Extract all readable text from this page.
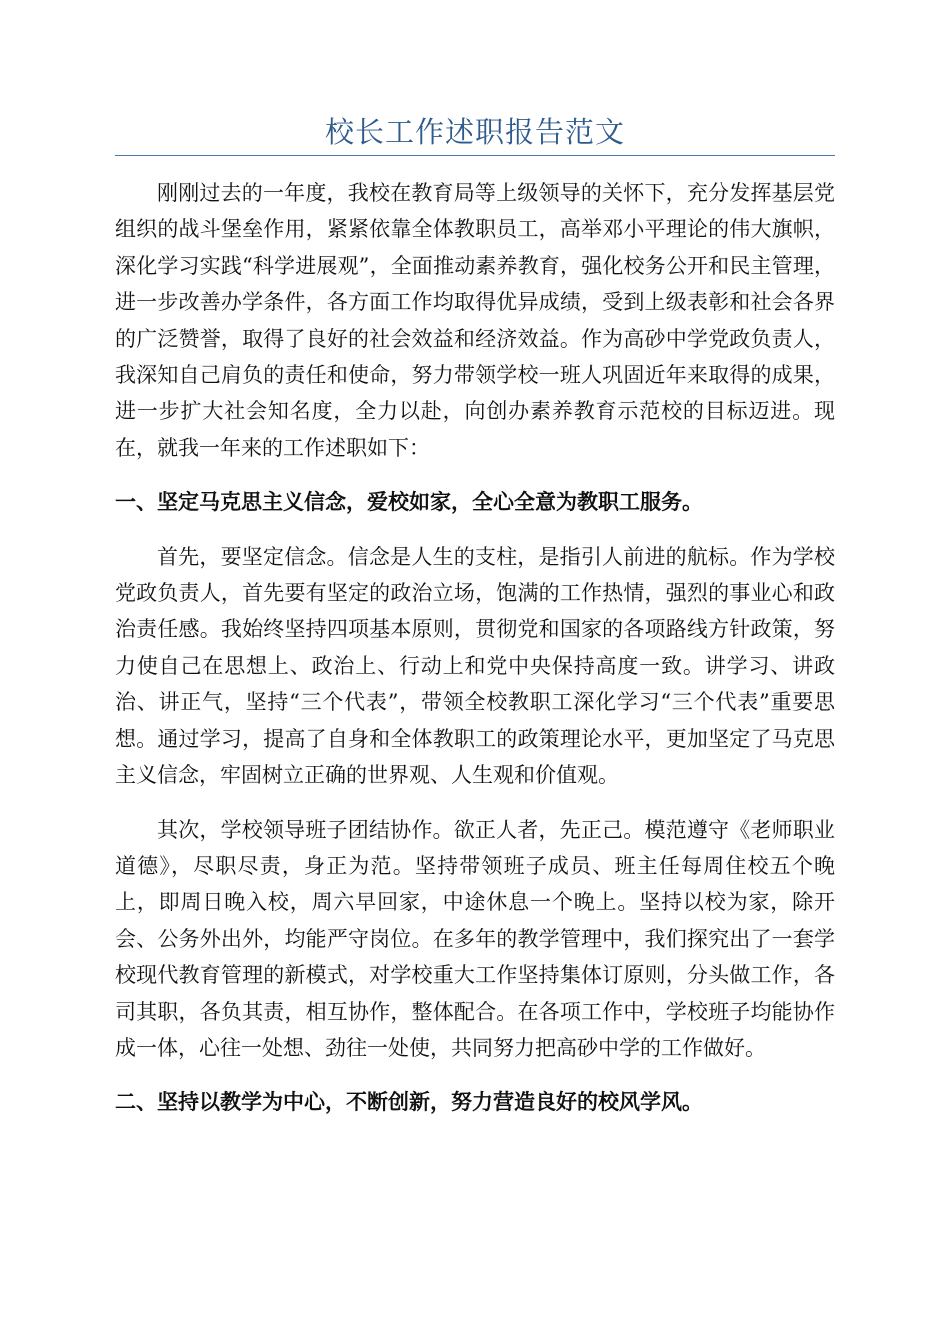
校长工作述职报告范文

刚刚过去的一年度，我校在教育局等上级领导的关怀下，充分发挥基层党组织的战斗堡垒作用，紧紧依靠全体教职员工，高举邓小平理论的伟大旗帜，深化学习实践“科学进展观”，全面推动素养教育，强化校务公开和民主管理，进一步改善办学条件，各方面工作均取得优异成绩，受到上级表彰和社会各界的广泛赞誉，取得了良好的社会效益和经济效益。作为高砂中学党政负责人，我深知自己肩负的责任和使命，努力带领学校一班人巩固近年来取得的成果，进一步扩大社会知名度，全力以赴，向创办素养教育示范校的目标迈进。现在，就我一年来的工作述职如下：

一、坚定马克思主义信念，爱校如家，全心全意为教职工服务。

首先，要坚定信念。信念是人生的支柱，是指引人前进的航标。作为学校党政负责人，首先要有坚定的政治立场，饱满的工作热情，强烈的事业心和政治责任感。我始终坚持四项基本原则，贯彻党和国家的各项路线方针政策，努力使自己在思想上、政治上、行动上和党中央保持高度一致。讲学习、讲政治、讲正气，坚持“三个代表”，带领全校教职工深化学习“三个代表”重要思想。通过学习，提高了自身和全体教职工的政策理论水平，更加坚定了马克思主义信念，牢固树立正确的世界观、人生观和价值观。

其次，学校领导班子团结协作。欲正人者，先正己。模范遵守《老师职业道德》，尽职尽责，身正为范。坚持带领班子成员、班主任每周住校五个晚上，即周日晚入校，周六早回家，中途休息一个晚上。坚持以校为家，除开会、公务外出外，均能严守岗位。在多年的教学管理中，我们探究出了一套学校现代教育管理的新模式，对学校重大工作坚持集体订原则，分头做工作，各司其职，各负其责，相互协作，整体配合。在各项工作中，学校班子均能协作成一体，心往一处想、劲往一处使，共同努力把高砂中学的工作做好。

二、坚持以教学为中心，不断创新，努力营造良好的校风学风。
